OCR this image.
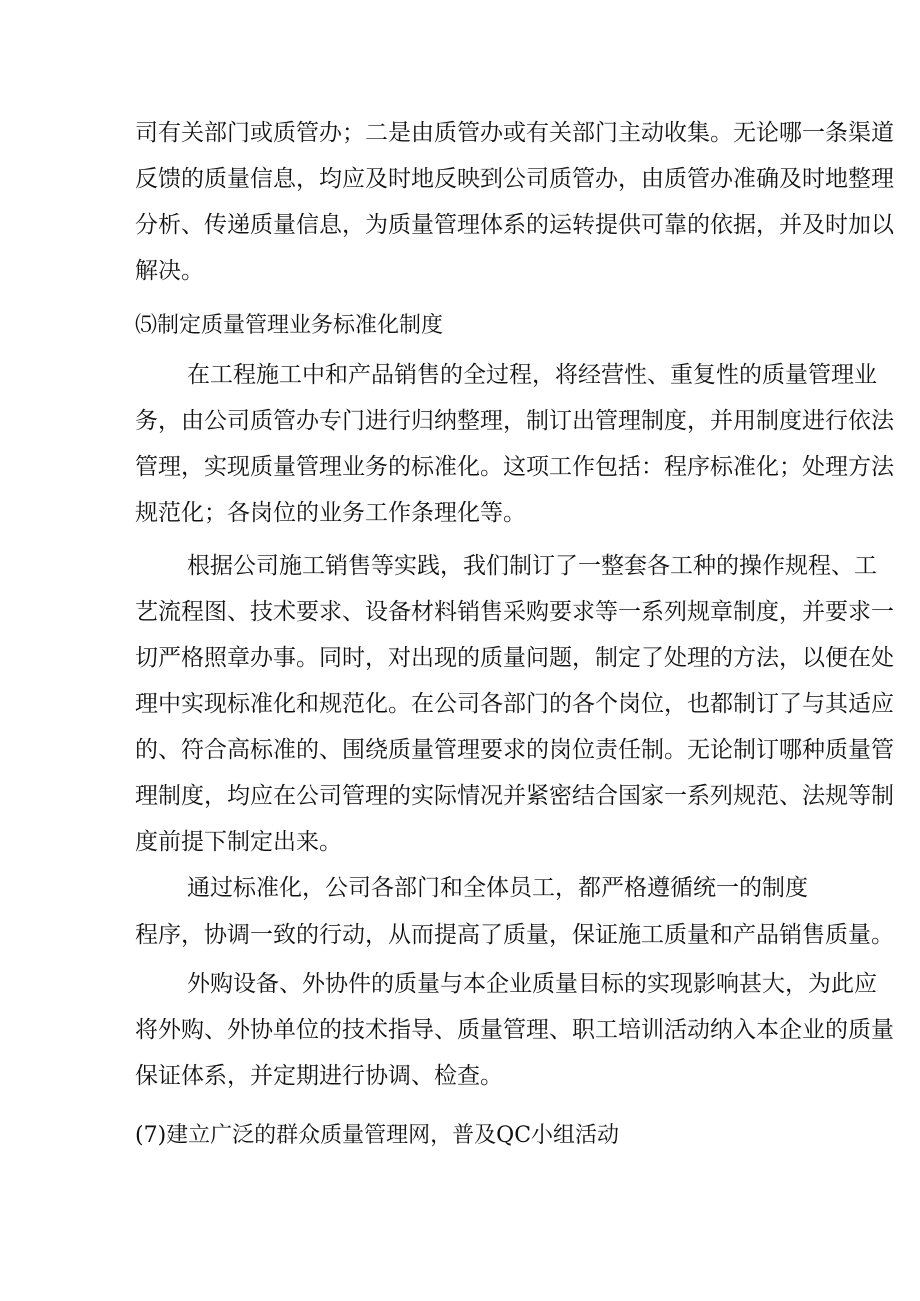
司有关部门或质管办；二是由质管办或有关部门主动收集。无论哪一条渠道

反馈的质量信息，均应及时地反映到公司质管办，由质管办准确及时地整理

分析、传递质量信息，为质量管理体系的运转提供可靠的依据，并及时加以

解决。

⑸制定质量管理业务标准化制度

在工程施工中和产品销售的全过程，将经营性、重复性的质量管理业

务，由公司质管办专门进行归纳整理，制订出管理制度，并用制度进行依法

管理，实现质量管理业务的标准化。这项工作包括：程序标准化；处理方法

规范化；各岗位的业务工作条理化等。

根据公司施工销售等实践，我们制订了一整套各工种的操作规程、工

艺流程图、技术要求、设备材料销售采购要求等一系列规章制度，并要求一

切严格照章办事。同时，对出现的质量问题，制定了处理的方法，以便在处

理中实现标准化和规范化。在公司各部门的各个岗位，也都制订了与其适应

的、符合高标准的、围绕质量管理要求的岗位责任制。无论制订哪种质量管

理制度，均应在公司管理的实际情况并紧密结合国家一系列规范、法规等制

度前提下制定出来。

通过标准化，公司各部门和全体员工，都严格遵循统一的制度

程序，协调一致的行动，从而提高了质量，保证施工质量和产品销售质量。

外购设备、外协件的质量与本企业质量目标的实现影响甚大，为此应

将外购、外协单位的技术指导、质量管理、职工培训活动纳入本企业的质量

保证体系，并定期进行协调、检查。

(7)建立广泛的群众质量管理网，普及QC小组活动
